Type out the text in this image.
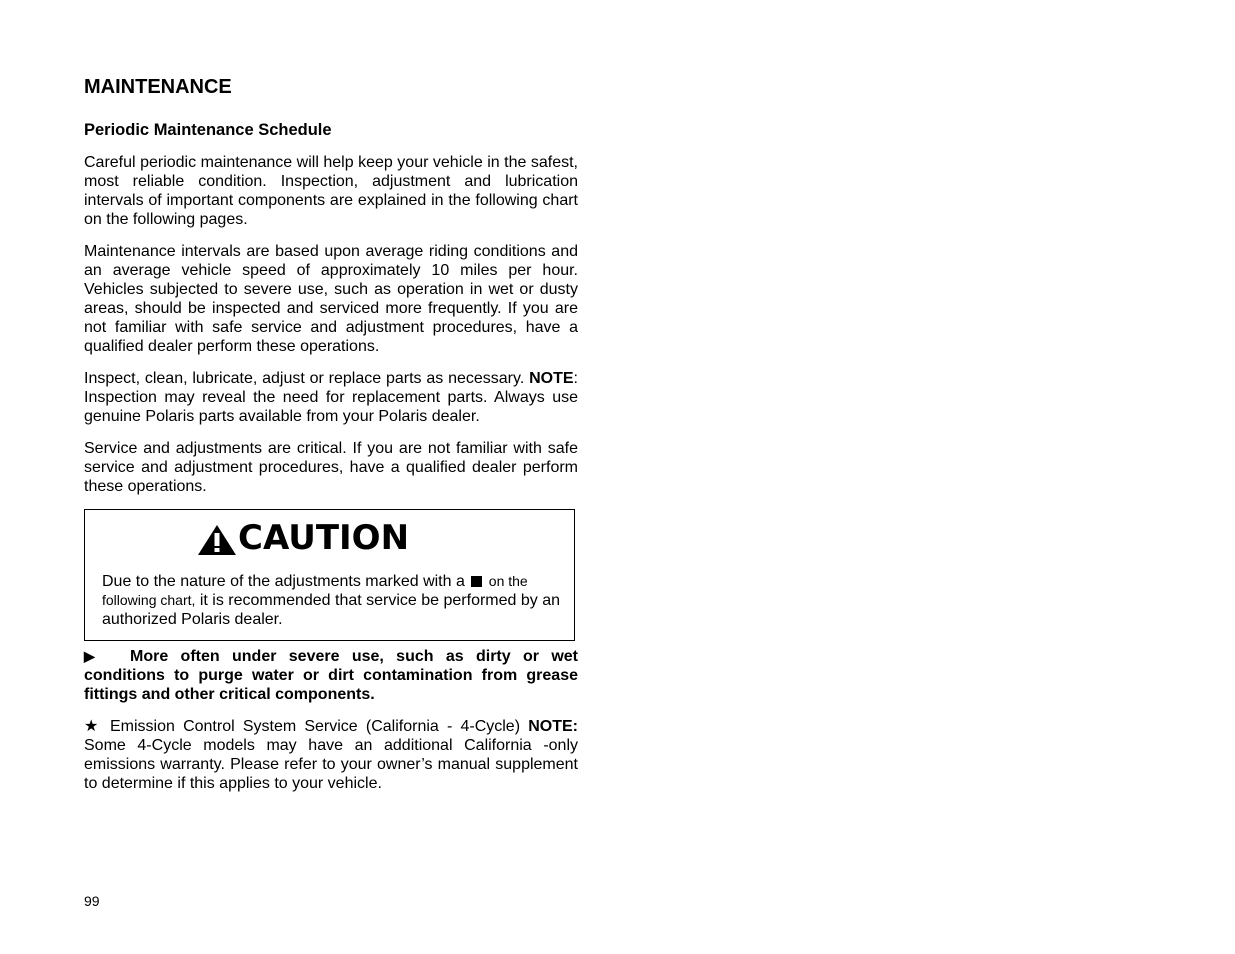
MAINTENANCE
Periodic Maintenance Schedule

Careful periodic maintenance will help keep your vehicle in the safest, most reliable condition. Inspection, adjustment and lubrication intervals of important components are explained in the following chart on the following pages.

Maintenance intervals are based upon average riding conditions and an average vehicle speed of approximately 10 miles per hour. Vehicles subjected to severe use, such as operation in wet or dusty areas, should be inspected and serviced more frequently. If you are not familiar with safe service and adjustment procedures, have a qualified dealer perform these operations.

Inspect, clean, lubricate, adjust or replace parts as necessary. NOTE: Inspection may reveal the need for replacement parts. Always use genuine Polaris parts available from your Polaris dealer.

Service and adjustments are critical. If you are not familiar with safe service and adjustment procedures, have a qualified dealer perform these operations.

CAUTION
Due to the nature of the adjustments marked with a on the following chart, it is recommended that service be performed by an authorized Polaris dealer.

▶ More often under severe use, such as dirty or wet conditions to purge water or dirt contamination from grease fittings and other critical components.

★ Emission Control System Service (California - 4-Cycle) NOTE: Some 4-Cycle models may have an additional California -only emissions warranty. Please refer to your owner’s manual supplement to determine if this applies to your vehicle.

99
